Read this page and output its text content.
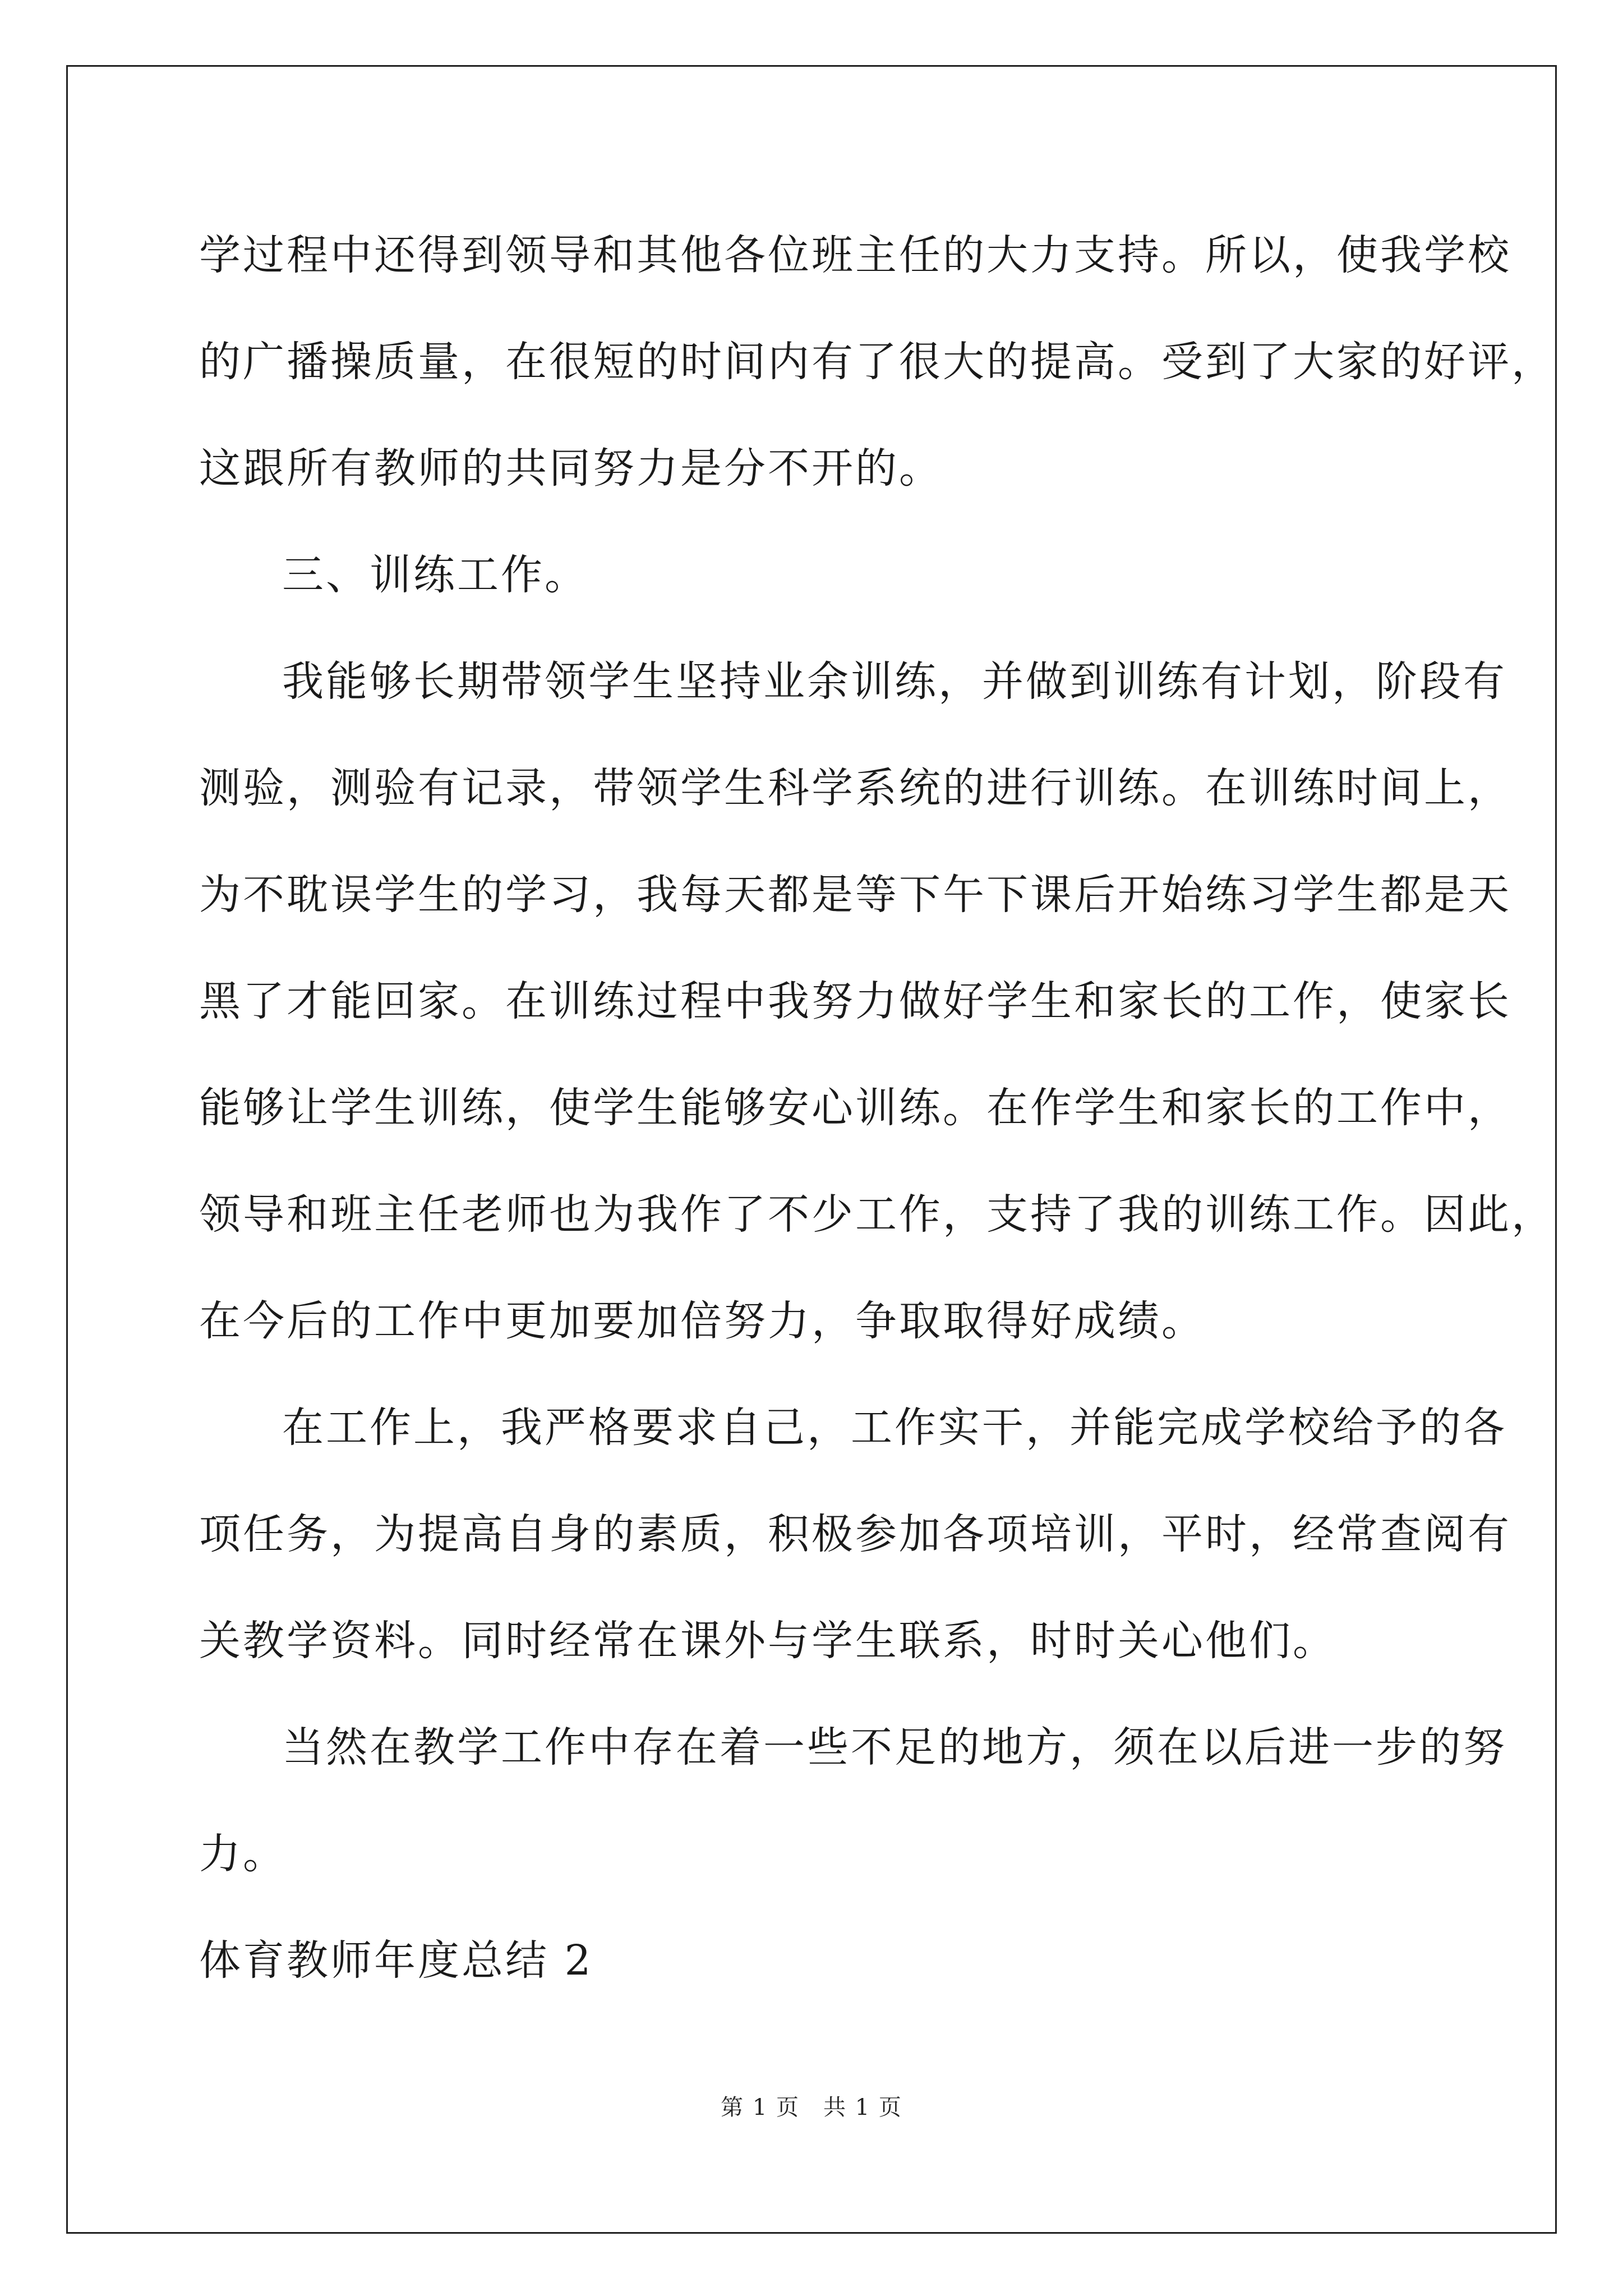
学过程中还得到领导和其他各位班主任的大力支持。所以，使我学校
的广播操质量，在很短的时间内有了很大的提高。受到了大家的好评，
这跟所有教师的共同努力是分不开的。
三、训练工作。
我能够长期带领学生坚持业余训练，并做到训练有计划，阶段有
测验，测验有记录，带领学生科学系统的进行训练。在训练时间上，
为不耽误学生的学习，我每天都是等下午下课后开始练习学生都是天
黑了才能回家。在训练过程中我努力做好学生和家长的工作，使家长
能够让学生训练，使学生能够安心训练。在作学生和家长的工作中，
领导和班主任老师也为我作了不少工作，支持了我的训练工作。因此，
在今后的工作中更加要加倍努力，争取取得好成绩。
在工作上，我严格要求自己，工作实干，并能完成学校给予的各
项任务，为提高自身的素质，积极参加各项培训，平时，经常查阅有
关教学资料。同时经常在课外与学生联系，时时关心他们。
当然在教学工作中存在着一些不足的地方，须在以后进一步的努
力。
体育教师年度总结 2
第 1 页　共 1 页
